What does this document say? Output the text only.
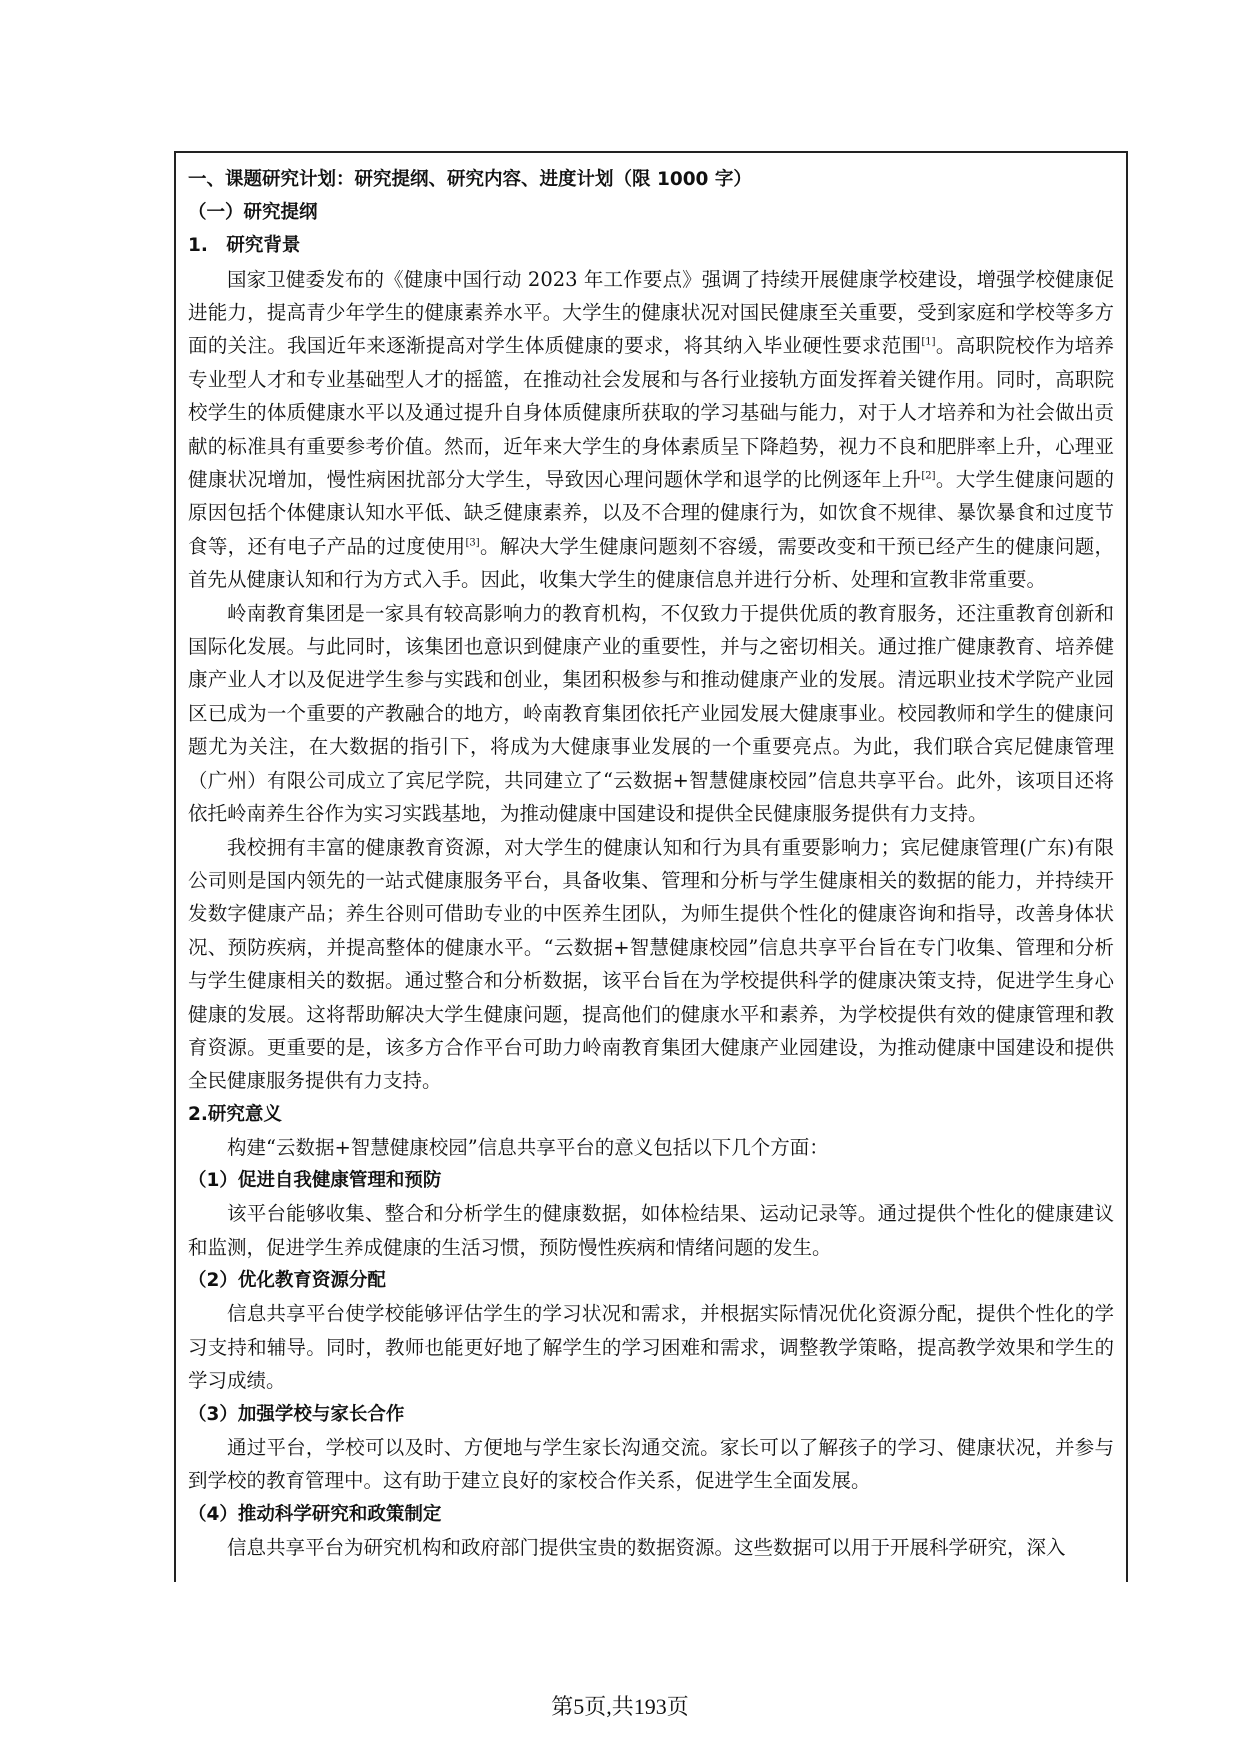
一、课题研究计划：研究提纲、研究内容、进度计划（限 1000 字）
（一）研究提纲
1.　研究背景

国家卫健委发布的《健康中国行动 2023 年工作要点》强调了持续开展健康学校建设，增强学校健康促进能力，提高青少年学生的健康素养水平。大学生的健康状况对国民健康至关重要，受到家庭和学校等多方面的关注。我国近年来逐渐提高对学生体质健康的要求，将其纳入毕业硬性要求范围[1]。高职院校作为培养专业型人才和专业基础型人才的摇篮，在推动社会发展和与各行业接轨方面发挥着关键作用。同时，高职院校学生的体质健康水平以及通过提升自身体质健康所获取的学习基础与能力，对于人才培养和为社会做出贡献的标准具有重要参考价值。然而，近年来大学生的身体素质呈下降趋势，视力不良和肥胖率上升，心理亚健康状况增加，慢性病困扰部分大学生，导致因心理问题休学和退学的比例逐年上升[2]。大学生健康问题的原因包括个体健康认知水平低、缺乏健康素养，以及不合理的健康行为，如饮食不规律、暴饮暴食和过度节食等，还有电子产品的过度使用[3]。解决大学生健康问题刻不容缓，需要改变和干预已经产生的健康问题，首先从健康认知和行为方式入手。因此，收集大学生的健康信息并进行分析、处理和宣教非常重要。

岭南教育集团是一家具有较高影响力的教育机构，不仅致力于提供优质的教育服务，还注重教育创新和国际化发展。与此同时，该集团也意识到健康产业的重要性，并与之密切相关。通过推广健康教育、培养健康产业人才以及促进学生参与实践和创业，集团积极参与和推动健康产业的发展。清远职业技术学院产业园区已成为一个重要的产教融合的地方，岭南教育集团依托产业园发展大健康事业。校园教师和学生的健康问题尤为关注，在大数据的指引下，将成为大健康事业发展的一个重要亮点。为此，我们联合宾尼健康管理（广州）有限公司成立了宾尼学院，共同建立了“云数据+智慧健康校园”信息共享平台。此外，该项目还将依托岭南养生谷作为实习实践基地，为推动健康中国建设和提供全民健康服务提供有力支持。

我校拥有丰富的健康教育资源，对大学生的健康认知和行为具有重要影响力；宾尼健康管理(广东)有限公司则是国内领先的一站式健康服务平台，具备收集、管理和分析与学生健康相关的数据的能力，并持续开发数字健康产品；养生谷则可借助专业的中医养生团队，为师生提供个性化的健康咨询和指导，改善身体状况、预防疾病，并提高整体的健康水平。“云数据+智慧健康校园”信息共享平台旨在专门收集、管理和分析与学生健康相关的数据。通过整合和分析数据，该平台旨在为学校提供科学的健康决策支持，促进学生身心健康的发展。这将帮助解决大学生健康问题，提高他们的健康水平和素养，为学校提供有效的健康管理和教育资源。更重要的是，该多方合作平台可助力岭南教育集团大健康产业园建设，为推动健康中国建设和提供全民健康服务提供有力支持。

2.研究意义
构建“云数据+智慧健康校园”信息共享平台的意义包括以下几个方面：
（1）促进自我健康管理和预防

该平台能够收集、整合和分析学生的健康数据，如体检结果、运动记录等。通过提供个性化的健康建议和监测，促进学生养成健康的生活习惯，预防慢性疾病和情绪问题的发生。

（2）优化教育资源分配

信息共享平台使学校能够评估学生的学习状况和需求，并根据实际情况优化资源分配，提供个性化的学习支持和辅导。同时，教师也能更好地了解学生的学习困难和需求，调整教学策略，提高教学效果和学生的学习成绩。

（3）加强学校与家长合作

通过平台，学校可以及时、方便地与学生家长沟通交流。家长可以了解孩子的学习、健康状况，并参与到学校的教育管理中。这有助于建立良好的家校合作关系，促进学生全面发展。

（4）推动科学研究和政策制定
信息共享平台为研究机构和政府部门提供宝贵的数据资源。这些数据可以用于开展科学研究，深入
第5页,共193页
